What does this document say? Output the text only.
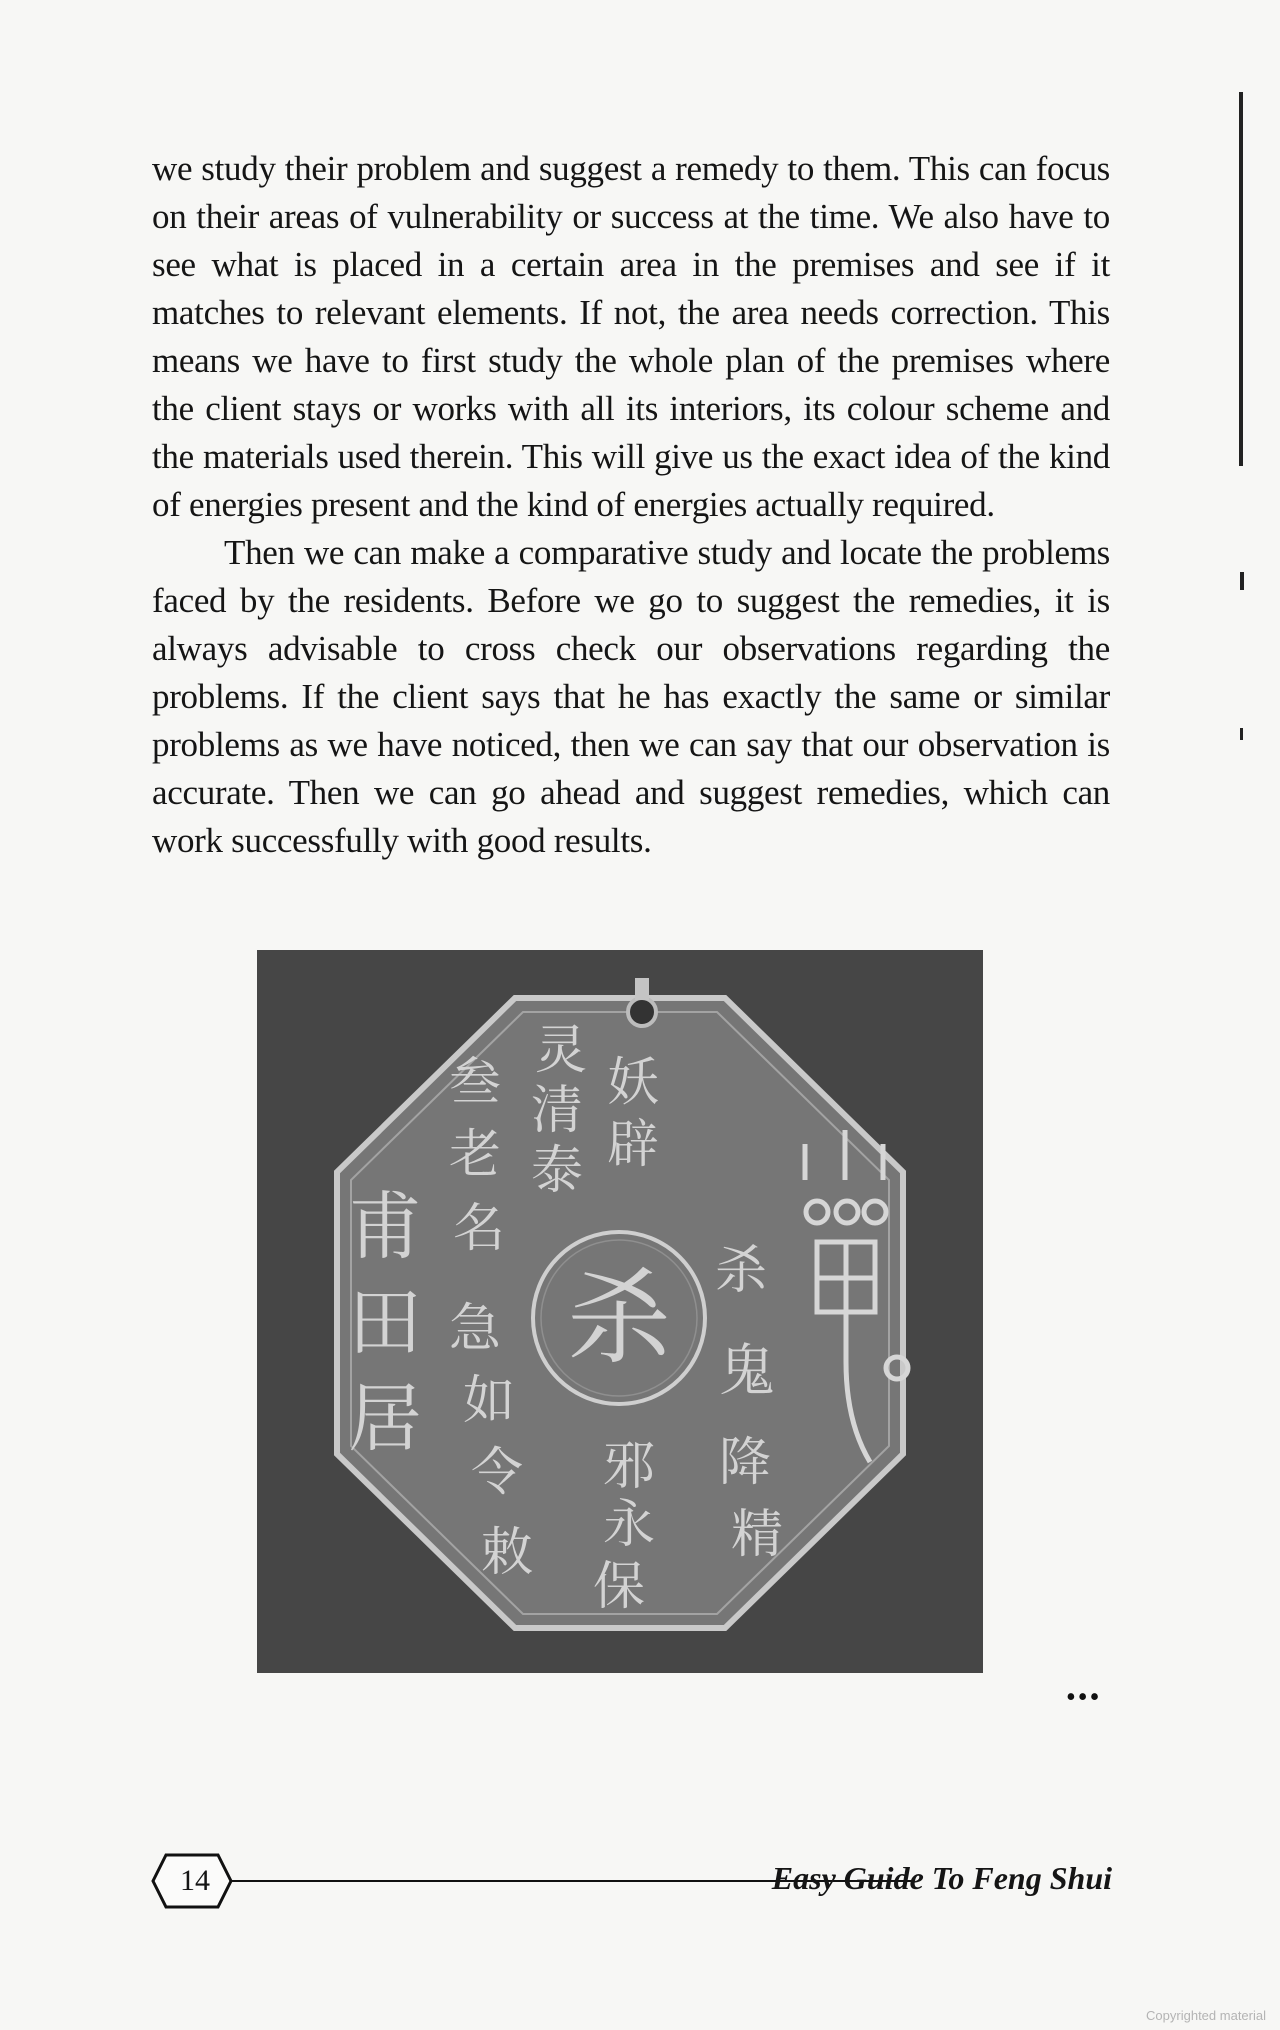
we study their problem and suggest a remedy to them. This can focus on their areas of vulnerability or success at the time. We also have to see what is placed in a certain area in the premises and see if it matches to relevant elements. If not, the area needs correction. This means we have to first study the whole plan of the premises where the client stays or works with all its interiors, its colour scheme and the materials used therein. This will give us the exact idea of the kind of energies present and the kind of energies actually required.

Then we can make a comparative study and locate the problems faced by the residents. Before we go to suggest the remedies, it is always advisable to cross check our observations regarding the problems. If the client says that he has exactly the same or similar problems as we have noticed, then we can say that our observation is accurate. Then we can go ahead and suggest remedies, which can work successfully with good results.

杀
甫
田
居
灵
清
泰
叁 妖
辟
老
名
急
如
令
敕
邪
永
保
杀
鬼
降
精
•••
14	Easy Guide To Feng Shui
Copyrighted material
